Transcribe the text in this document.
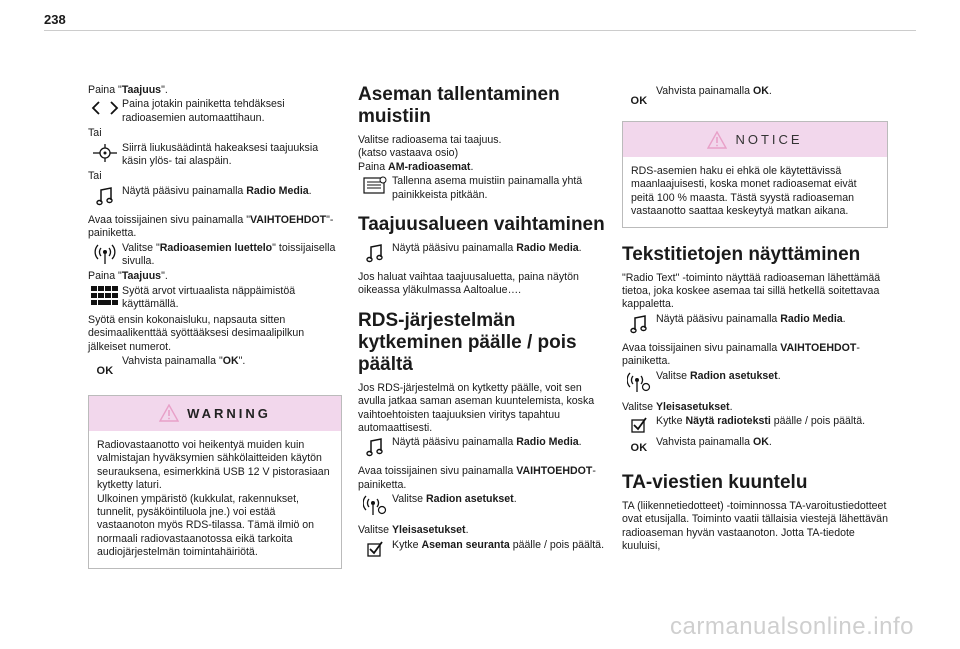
238

Paina "Taajuus".

Paina jotakin painiketta tehdäksesi radioasemien automaattihaun.

Tai

Siirrä liukusäädintä hakeaksesi taajuuksia käsin ylös- tai alaspäin.

Tai

Näytä pääsivu painamalla Radio Media.

Avaa toissijainen sivu painamalla "VAIHTOEHDOT"-painiketta.

Valitse "Radioasemien luettelo" toissijaisella sivulla.

Paina "Taajuus".

Syötä arvot virtuaalista näppäimistöä käyttämällä.

Syötä ensin kokonaisluku, napsauta sitten desimaalikenttää syöttääksesi desimaalipilkun jälkeiset numerot.

OK
Vahvista painamalla "OK".
WARNING
Radiovastaanotto voi heikentyä muiden kuin valmistajan hyväksymien sähkölaitteiden käytön seurauksena, esimerkkinä USB 12 V pistorasiaan kytketty laturi.
Ulkoinen ympäristö (kukkulat, rakennukset, tunnelit, pysäköintiluola jne.) voi estää vastaanoton myös RDS-tilassa. Tämä ilmiö on normaali radiovastaanotossa eikä tarkoita audiojärjestelmän toimintahäiriötä.
Aseman tallentaminen muistiin

Valitse radioasema tai taajuus.
(katso vastaava osio)

Paina AM-radioasemat.

Tallenna asema muistiin painamalla yhtä painikkeista pitkään.
Taajuusalueen vaihtaminen
Näytä pääsivu painamalla Radio Media.

Jos haluat vaihtaa taajuusaluetta, paina näytön oikeassa yläkulmassa Aaltoalue….

RDS-järjestelmän kytkeminen päälle / pois päältä

Jos RDS-järjestelmä on kytketty päälle, voit sen avulla jatkaa saman aseman kuuntelemista, koska vaihtoehtoisten taajuuksien viritys tapahtuu automaattisesti.

Näytä pääsivu painamalla Radio Media.

Avaa toissijainen sivu painamalla VAIHTOEHDOT-painiketta.

Valitse Radion asetukset.

Valitse Yleisasetukset.

Kytke Aseman seuranta päälle / pois päältä.
OK
Vahvista painamalla OK.
NOTICE
RDS-asemien haku ei ehkä ole käytettävissä maanlaajuisesti, koska monet radioasemat eivät peitä 100 % maasta. Tästä syystä radioaseman vastaanotto saattaa keskeytyä matkan aikana.
Tekstitietojen näyttäminen

"Radio Text" -toiminto näyttää radioaseman lähettämää tietoa, joka koskee asemaa tai sillä hetkellä soitettavaa kappaletta.

Näytä pääsivu painamalla Radio Media.

Avaa toissijainen sivu painamalla VAIHTOEHDOT-painiketta.

Valitse Radion asetukset.

Valitse Yleisasetukset.

Kytke Näytä radioteksti päälle / pois päältä.
OK Vahvista painamalla OK.
TA-viestien kuuntelu

TA (liikennetiedotteet) -toiminnossa TA-varoitustiedotteet ovat etusijalla. Toiminto vaatii tällaisia viestejä lähettävän radioaseman hyvän vastaanoton. Jotta TA-tiedote kuuluisi,

carmanualsonline.info
